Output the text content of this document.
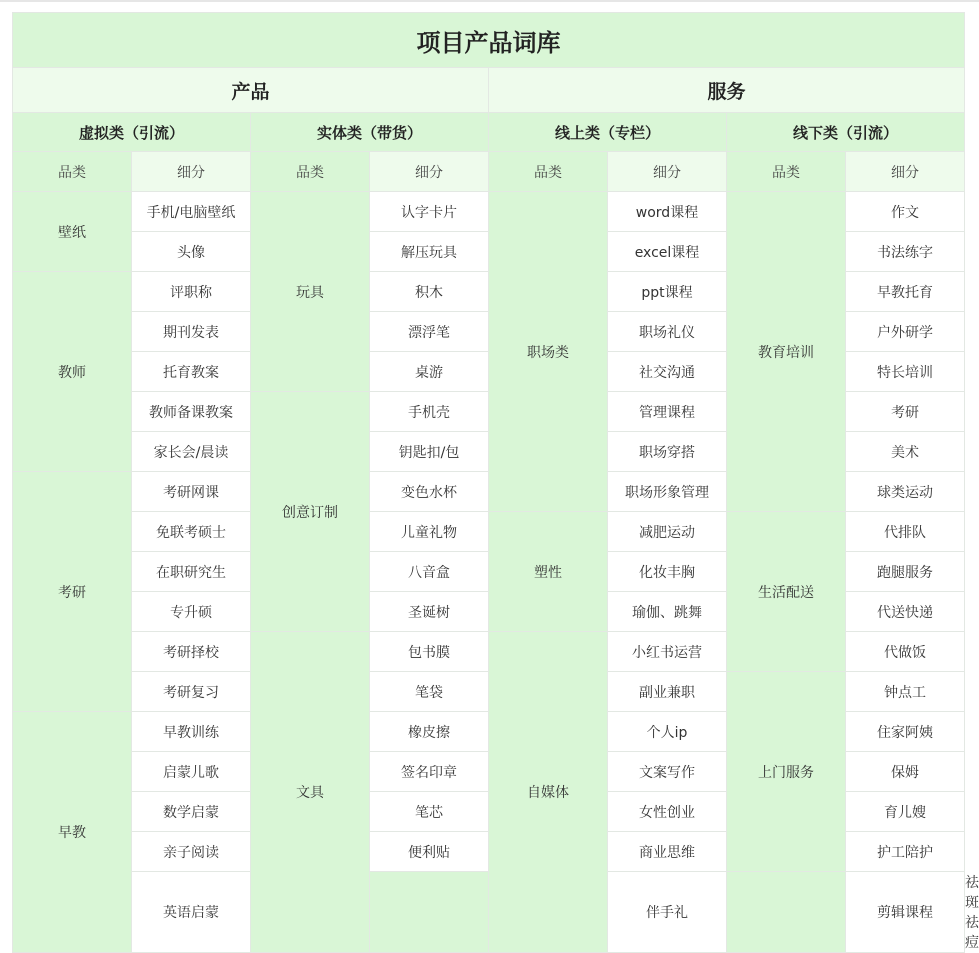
项目产品词库								
产品				服务				
虚拟类（引流）		实体类（带货）		线上类（专栏）		线下类（引流）		
品类	细分	品类	细分	品类	细分	品类	细分	
壁纸	手机/电脑壁纸	玩具	认字卡片	职场类	word课程	教育培训	作文	
	头像		解压玩具		excel课程		书法练字	
教师	评职称		积木		ppt课程		早教托育	
	期刊发表		漂浮笔		职场礼仪		户外研学	
	托育教案		桌游		社交沟通		特长培训	
	教师备课教案	创意订制	手机壳		管理课程		考研	
	家长会/晨读		钥匙扣/包		职场穿搭		美术	
考研	考研网课		变色水杯		职场形象管理		球类运动	
	免联考硕士		儿童礼物	塑性	减肥运动	生活配送	代排队	
	在职研究生		八音盒		化妆丰胸		跑腿服务	
	专升硕		圣诞树		瑜伽、跳舞		代送快递	
	考研择校	文具	包书膜	自媒体	小红书运营		代做饭	
	考研复习		笔袋		副业兼职	上门服务	钟点工	
早教	早教训练		橡皮擦		个人ip		住家阿姨	
	启蒙儿歌		签名印章		文案写作		保姆	
	数学启蒙		笔芯		女性创业		育儿嫂	
	亲子阅读		便利贴		商业思维		护工陪护	
	英语启蒙				伴手礼		剪辑课程		祛斑祛痘
